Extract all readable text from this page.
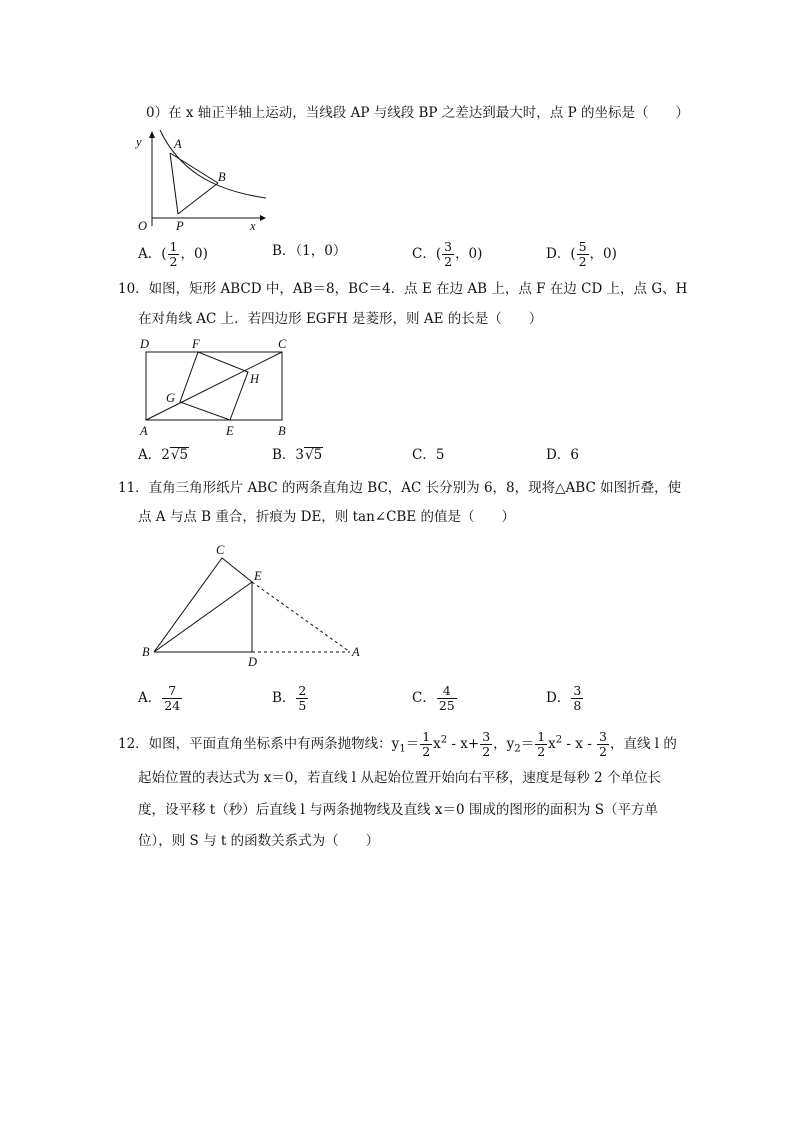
0）在 x 轴正半轴上运动，当线段 AP 与线段 BP 之差达到最大时，点 P 的坐标是（　　）
y	A
B
O P	x
A．( $\frac{1}{2}$ ，0)	B．（1，0）	C．( $\frac{3}{2}$ ，0)	D．( $\frac{5}{2}$ ，0)
10．如图，矩形 ABCD 中，AB＝8，BC＝4．点 E 在边 AB 上，点 F 在边 CD 上，点 G、H
在对角线 AC 上．若四边形 EGFH 是菱形，则 AE 的长是（　　）
D	F	C
H
G
A	E	B
A．2√5	B．3√5	C．5	D．6
11．直角三角形纸片 ABC 的两条直角边 BC，AC 长分别为 6，8，现将△ABC 如图折叠，使
点 A 与点 B 重合，折痕为 DE，则 tan∠CBE 的值是（　　）
C
E
B
D
A
A． $\frac{7}{24}$	B． $\frac{2}{5}$	C． $\frac{4}{25}$	D． $\frac{3}{8}$
12．如图，平面直角坐标系中有两条抛物线：$y_1= \frac{1}{2} x^2 - x+ \frac{3}{2}$ ，$y_2= \frac{1}{2} x^2 - x - \frac{3}{2}$ ，直线 l 的
起始位置的表达式为 x＝0，若直线 l 从起始位置开始向右平移，速度是每秒 2 个单位长
度，设平移 t（秒）后直线 l 与两条抛物线及直线 x＝0 围成的图形的面积为 S（平方单
位），则 S 与 t 的函数关系式为（　　）
